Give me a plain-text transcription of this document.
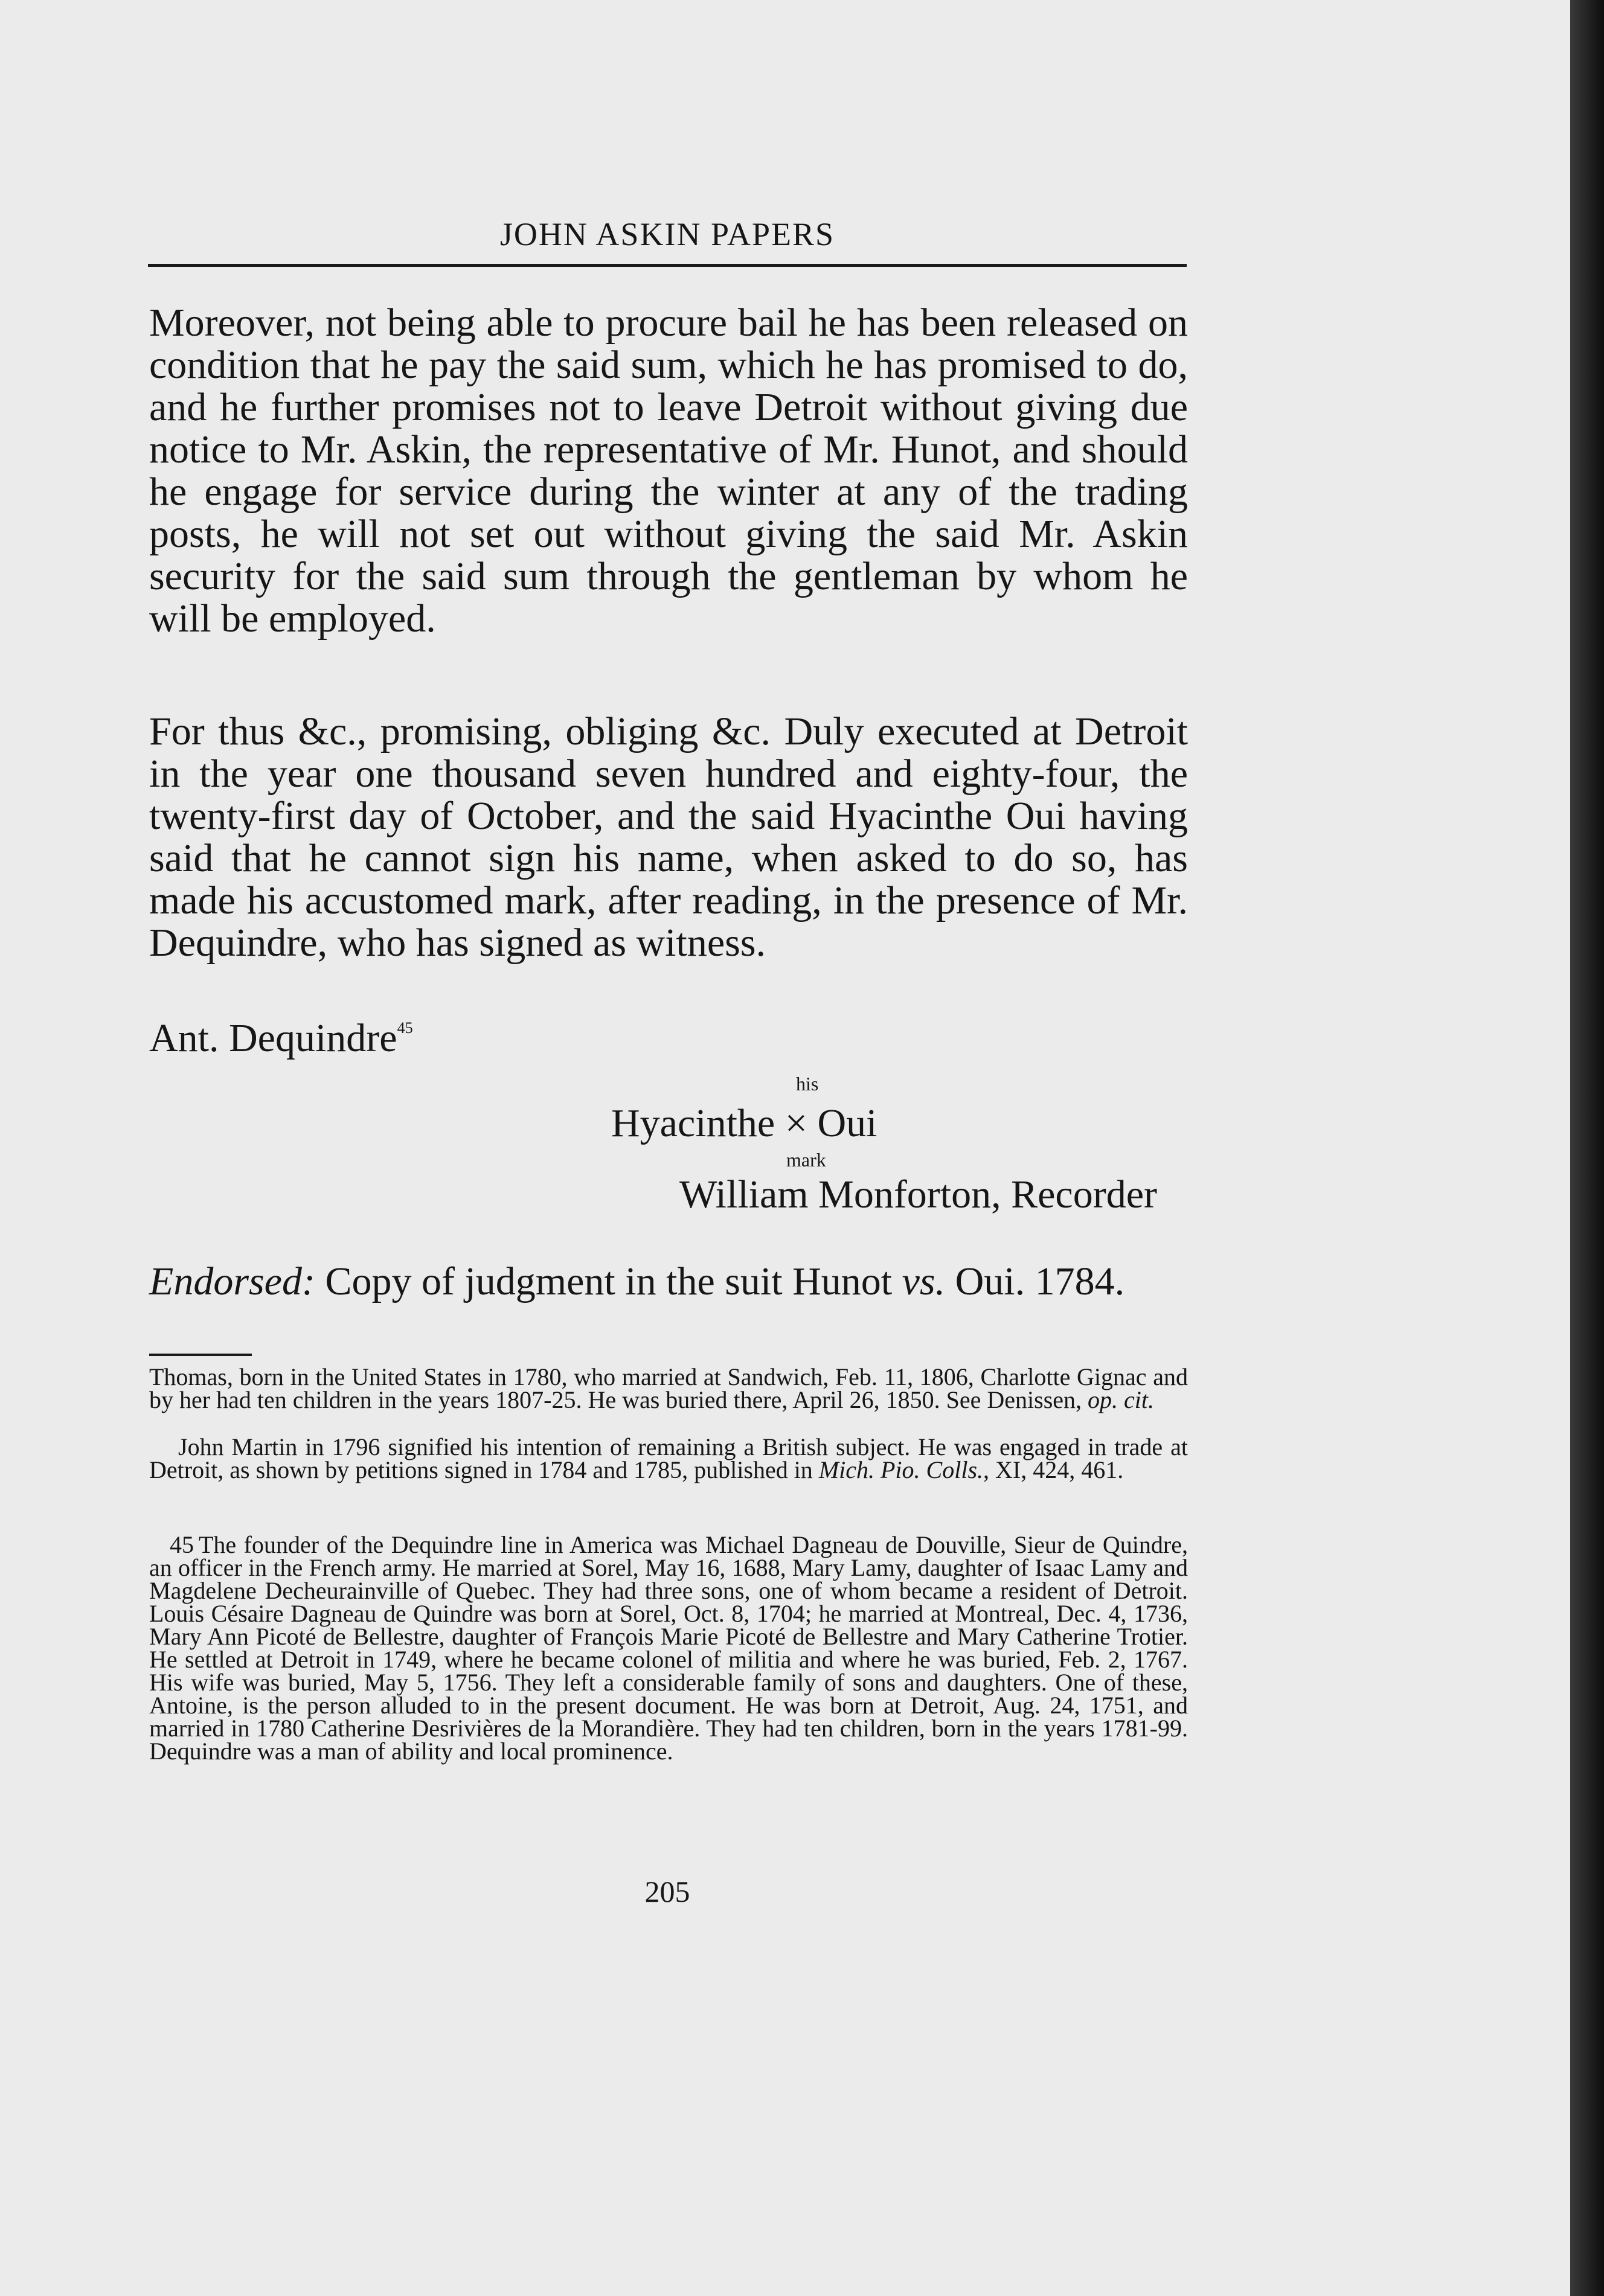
JOHN ASKIN PAPERS

Moreover, not being able to procure bail he has been released on condition that he pay the said sum, which he has promised to do, and he further promises not to leave Detroit without giving due notice to Mr. Askin, the representative of Mr. Hunot, and should he engage for service during the winter at any of the trading posts, he will not set out without giving the said Mr. Askin security for the said sum through the gentleman by whom he will be employed.

For thus &c., promising, obliging &c. Duly executed at Detroit in the year one thousand seven hundred and eighty-four, the twenty-first day of October, and the said Hyacinthe Oui having said that he cannot sign his name, when asked to do so, has made his accustomed mark, after reading, in the presence of Mr. Dequindre, who has signed as witness.

Ant. Dequindre$^{45}$
his
Hyacinthe × Oui
mark
William Monforton, Recorder

Endorsed: Copy of judgment in the suit Hunot vs. Oui. 1784.

Thomas, born in the United States in 1780, who married at Sandwich, Feb. 11, 1806, Charlotte Gignac and by her had ten children in the years 1807-25. He was buried there, April 26, 1850. See Denissen, op. cit.

John Martin in 1796 signified his intention of remaining a British subject. He was engaged in trade at Detroit, as shown by petitions signed in 1784 and 1785, published in Mich. Pio. Colls., XI, 424, 461.

45 The founder of the Dequindre line in America was Michael Dagneau de Douville, Sieur de Quindre, an officer in the French army. He married at Sorel, May 16, 1688, Mary Lamy, daughter of Isaac Lamy and Magdelene Decheurainville of Quebec. They had three sons, one of whom became a resident of Detroit. Louis Césaire Dagneau de Quindre was born at Sorel, Oct. 8, 1704; he married at Montreal, Dec. 4, 1736, Mary Ann Picoté de Bellestre, daughter of François Marie Picoté de Bellestre and Mary Catherine Trotier. He settled at Detroit in 1749, where he became colonel of militia and where he was buried, Feb. 2, 1767. His wife was buried, May 5, 1756. They left a considerable family of sons and daughters. One of these, Antoine, is the person alluded to in the present document. He was born at Detroit, Aug. 24, 1751, and married in 1780 Catherine Desrivières de la Morandière. They had ten children, born in the years 1781-99. Dequindre was a man of ability and local prominence.

205
